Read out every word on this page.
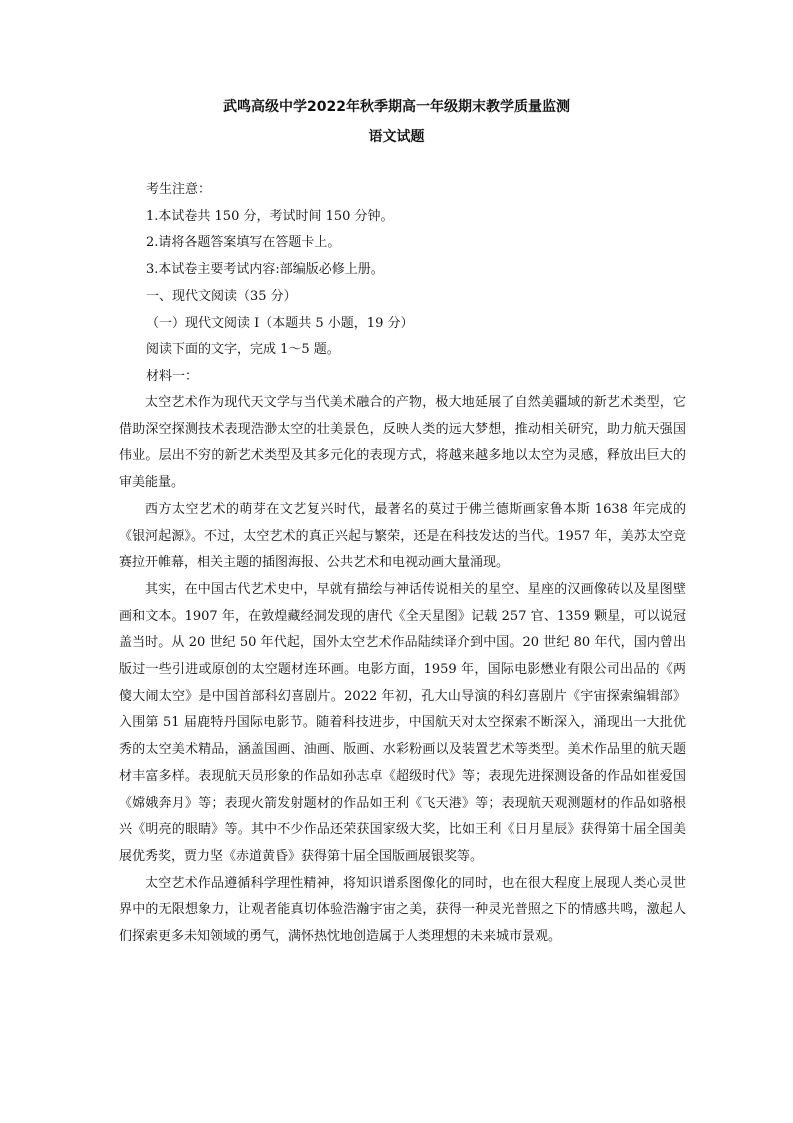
武鸣高级中学2022年秋季期高一年级期末教学质量监测
语文试题

考生注意：

1.本试卷共 150 分，考试时间 150 分钟。

2.请将各题答案填写在答题卡上。

3.本试卷主要考试内容:部编版必修上册。

一、现代文阅读（35 分）

（一）现代文阅读 I（本题共 5 小题，19 分）

阅读下面的文字，完成 1～5 题。

材料一：

太空艺术作为现代天文学与当代美术融合的产物，极大地延展了自然美疆域的新艺术类型，它借助深空探测技术表现浩渺太空的壮美景色，反映人类的远大梦想，推动相关研究，助力航天强国伟业。层出不穷的新艺术类型及其多元化的表现方式，将越来越多地以太空为灵感，释放出巨大的审美能量。

西方太空艺术的萌芽在文艺复兴时代，最著名的莫过于佛兰德斯画家鲁本斯 1638 年完成的《银河起源》。不过，太空艺术的真正兴起与繁荣，还是在科技发达的当代。1957 年，美苏太空竞赛拉开帷幕，相关主题的插图海报、公共艺术和电视动画大量涌现。

其实，在中国古代艺术史中，早就有描绘与神话传说相关的星空、星座的汉画像砖以及星图壁画和文本。1907 年，在敦煌藏经洞发现的唐代《全天星图》记载 257 官、1359 颗星，可以说冠盖当时。从 20 世纪 50 年代起，国外太空艺术作品陆续译介到中国。20 世纪 80 年代，国内曾出版过一些引进或原创的太空题材连环画。电影方面，1959 年，国际电影懋业有限公司出品的《两傻大闹太空》是中国首部科幻喜剧片。2022 年初，孔大山导演的科幻喜剧片《宇宙探索编辑部》入围第 51 届鹿特丹国际电影节。随着科技进步，中国航天对太空探索不断深入，涌现出一大批优秀的太空美术精品，涵盖国画、油画、版画、水彩粉画以及装置艺术等类型。美术作品里的航天题材丰富多样。表现航天员形象的作品如孙志卓《超级时代》等；表现先进探测设备的作品如崔爱国《嫦娥奔月》等；表现火箭发射题材的作品如王利《飞天港》等；表现航天观测题材的作品如骆根兴《明亮的眼睛》等。其中不少作品还荣获国家级大奖，比如王利《日月星辰》获得第十届全国美展优秀奖，贾力坚《赤道黄昏》获得第十届全国版画展银奖等。

太空艺术作品遵循科学理性精神，将知识谱系图像化的同时，也在很大程度上展现人类心灵世界中的无限想象力，让观者能真切体验浩瀚宇宙之美，获得一种灵光普照之下的情感共鸣，激起人们探索更多未知领域的勇气，满怀热忱地创造属于人类理想的未来城市景观。
